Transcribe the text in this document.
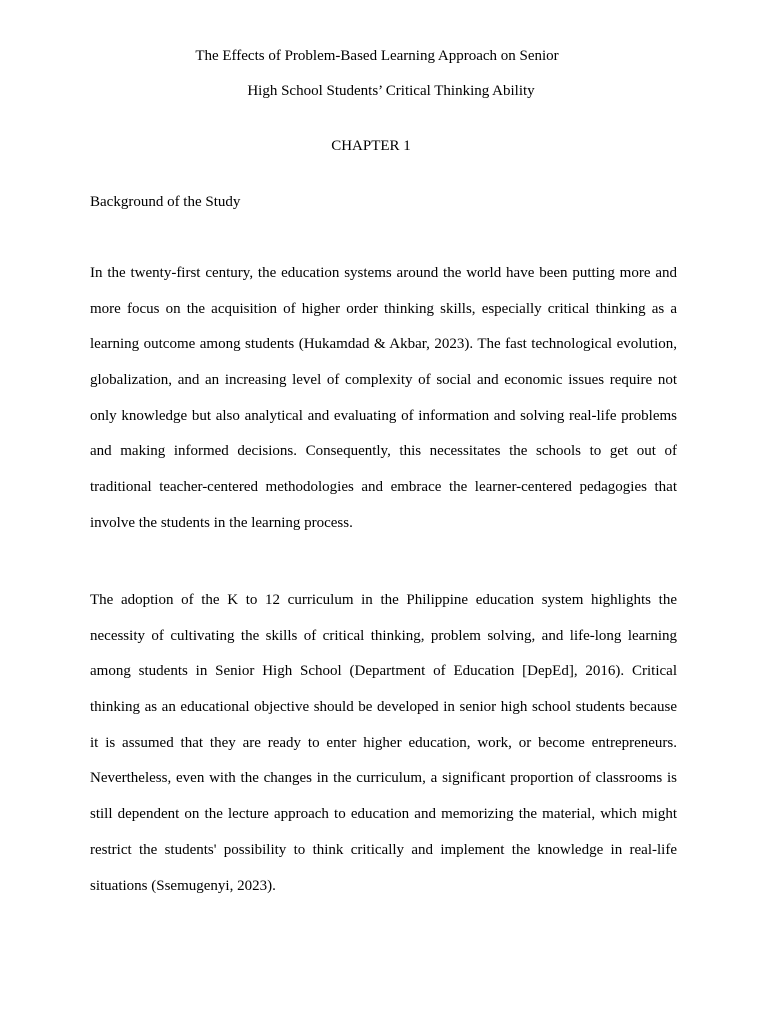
The Effects of Problem-Based Learning Approach on Senior
High School Students’ Critical Thinking Ability
CHAPTER 1
Background of the Study
In the twenty-first century, the education systems around the world have been putting more and
more focus on the acquisition of higher order thinking skills, especially critical thinking as a
learning outcome among students (Hukamdad & Akbar, 2023). The fast technological evolution,
globalization, and an increasing level of complexity of social and economic issues require not
only knowledge but also analytical and evaluating of information and solving real-life problems
and making informed decisions. Consequently, this necessitates the schools to get out of
traditional teacher-centered methodologies and embrace the learner-centered pedagogies that
involve the students in the learning process.
The adoption of the K to 12 curriculum in the Philippine education system highlights the
necessity of cultivating the skills of critical thinking, problem solving, and life-long learning
among students in Senior High School (Department of Education [DepEd], 2016). Critical
thinking as an educational objective should be developed in senior high school students because
it is assumed that they are ready to enter higher education, work, or become entrepreneurs.
Nevertheless, even with the changes in the curriculum, a significant proportion of classrooms is
still dependent on the lecture approach to education and memorizing the material, which might
restrict the students' possibility to think critically and implement the knowledge in real-life
situations (Ssemugenyi, 2023).
